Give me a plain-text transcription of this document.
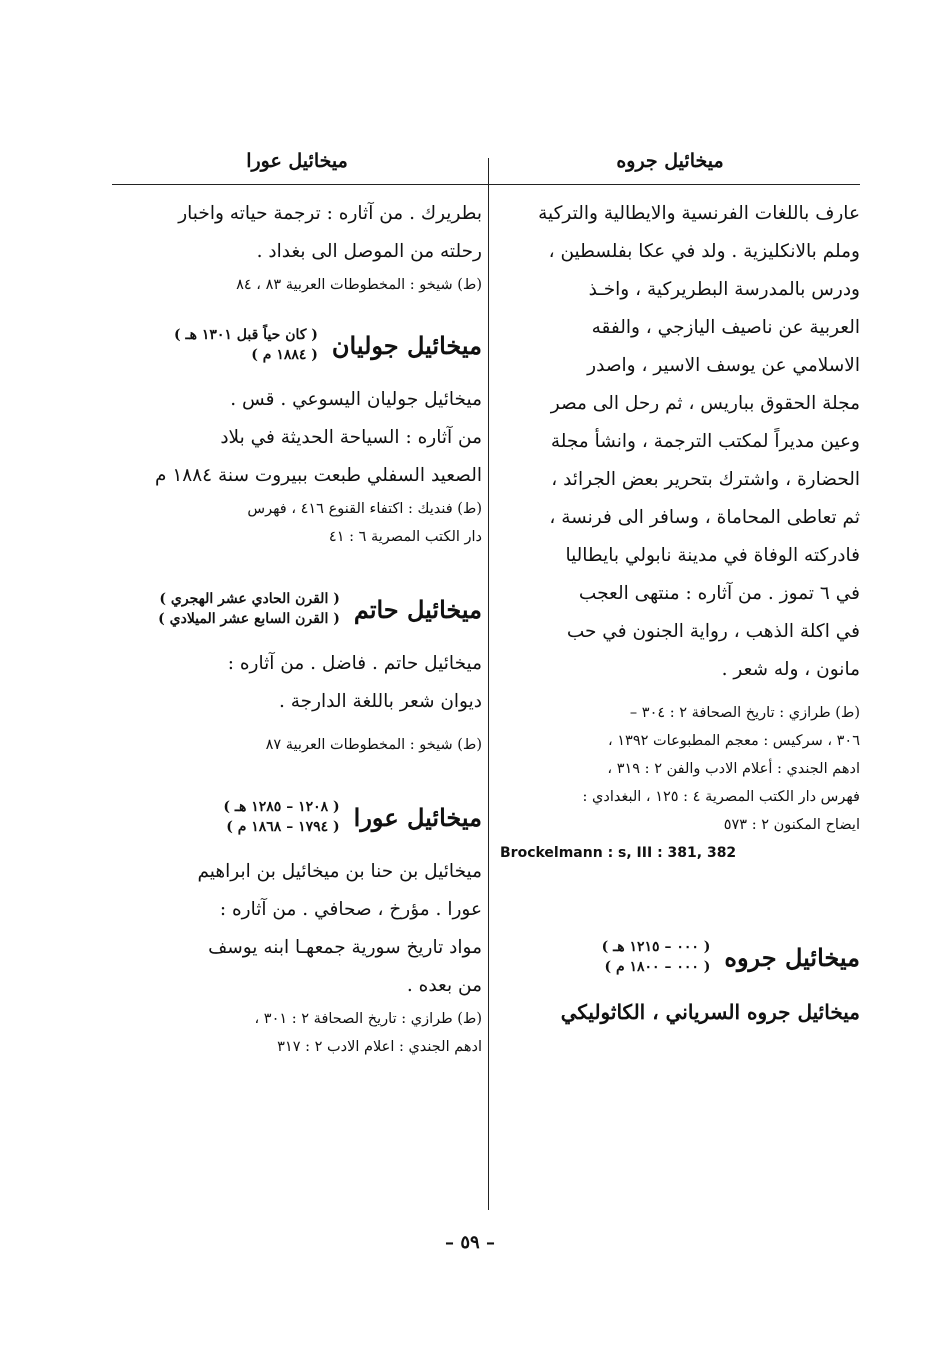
ميخائيل جروه
ميخائيل عورا
عارف باللغات الفرنسية والايطالية والتركية
وملم بالانكليزية . ولد في عكا بفلسطين ،
ودرس بالمدرسة البطريركية ، واخـذ
العربية عن ناصيف اليازجي ، والفقه
الاسلامي عن يوسف الاسير ، واصدر
مجلة الحقوق بباريس ، ثم رحل الى مصر
وعين مديراً لمكتب الترجمة ، وانشأ مجلة
الحضارة ، واشترك بتحرير بعض الجرائد ،
ثم تعاطى المحاماة ، وسافر الى فرنسة ،
فادركته الوفاة في مدينة نابولي بايطاليا
في ٦ تموز . من آثاره : منتهى العجب
في اكلة الذهب ، رواية الجنون في حب
مانون ، وله شعر .
(ط) طرازي : تاريخ الصحافة ٢ : ٣٠٤ –
٣٠٦ ، سركيس : معجم المطبوعات ١٣٩٢ ،
ادهم الجندي : أعلام الادب والفن ٢ : ٣١٩ ،
فهرس دار الكتب المصرية ٤ : ١٢٥ ، البغدادي :
ايضاح المكنون ٢ : ٥٧٣
Brockelmann : s, III : 381, 382
ميخائيل جروه
( ٠٠٠ – ١٢١٥ هـ )
( ٠٠٠ – ١٨٠٠ م )
ميخائيل جروه السرياني ، الكاثوليكي
بطريرك . من آثاره : ترجمة حياته واخبار
رحلته من الموصل الى بغداد .
(ط) شيخو : المخطوطات العربية ٨٣ ، ٨٤
ميخائيل جوليان
( كان حياً قبل ١٣٠١ هـ )
( ١٨٨٤ م )
ميخائيل جوليان اليسوعي . قس .
من آثاره : السياحة الحديثة في بلاد
الصعيد السفلي طبعت ببيروت سنة ١٨٨٤ م
(ط) فنديك : اكتفاء القنوع ٤١٦ ، فهرس
دار الكتب المصرية ٦ : ٤١
ميخائيل حاتم
( القرن الحادي عشر الهجري )
( القرن السابع عشر الميلادي )
ميخائيل حاتم . فاضل . من آثاره :
ديوان شعر باللغة الدارجة .
(ط) شيخو : المخطوطات العربية ٨٧
ميخائيل عورا
( ١٢٠٨ – ١٢٨٥ هـ )
( ١٧٩٤ – ١٨٦٨ م )
ميخائيل بن حنا بن ميخائيل بن ابراهيم
عورا . مؤرخ ، صحافي . من آثاره :
مواد تاريخ سورية جمعهـا ابنه يوسف
من بعده .
(ط) طرازي : تاريخ الصحافة ٢ : ٣٠١ ،
ادهم الجندي : اعلام الادب ٢ : ٣١٧
– ٥٩ –
